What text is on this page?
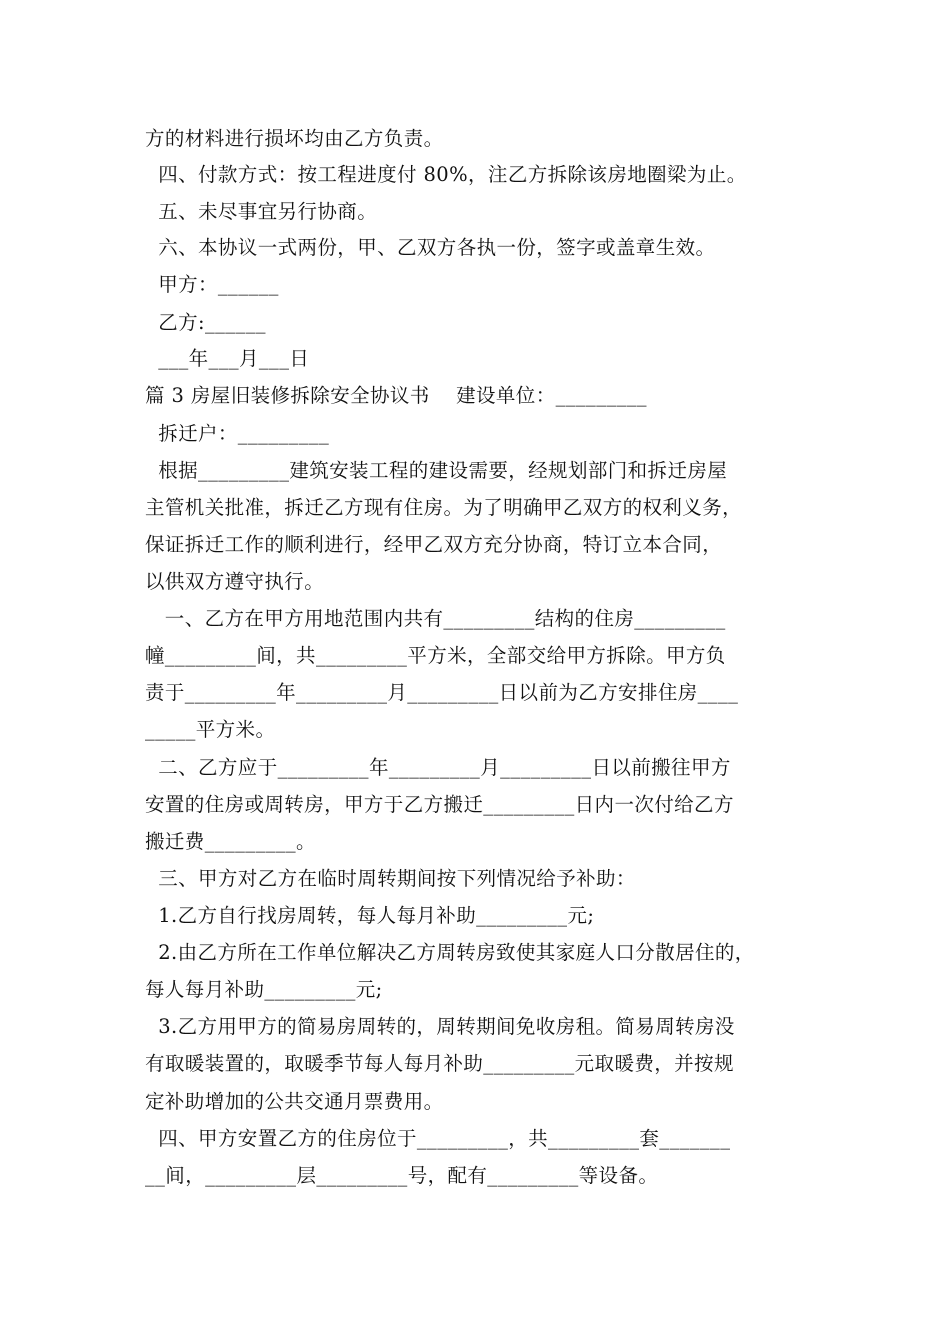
方的材料进行损坏均由乙方负责。
四、付款方式：按工程进度付 80%，注乙方拆除该房地圈梁为止。
五、未尽事宜另行协商。
六、本协议一式两份，甲、乙双方各执一份，签字或盖章生效。
甲方：______
乙方:______
___年___月___日
篇 3 房屋旧装修拆除安全协议书    建设单位：_________
拆迁户：_________
根据_________建筑安装工程的建设需要，经规划部门和拆迁房屋
主管机关批准，拆迁乙方现有住房。为了明确甲乙双方的权利义务，
保证拆迁工作的顺利进行，经甲乙双方充分协商，特订立本合同，
以供双方遵守执行。
一、乙方在甲方用地范围内共有_________结构的住房_________
幢_________间，共_________平方米，全部交给甲方拆除。甲方负
责于_________年_________月_________日以前为乙方安排住房____
_____平方米。
二、乙方应于_________年_________月_________日以前搬往甲方
安置的住房或周转房，甲方于乙方搬迁_________日内一次付给乙方
搬迁费_________。
三、甲方对乙方在临时周转期间按下列情况给予补助：
1.乙方自行找房周转，每人每月补助_________元;
2.由乙方所在工作单位解决乙方周转房致使其家庭人口分散居住的，
每人每月补助_________元;
3.乙方用甲方的简易房周转的，周转期间免收房租。简易周转房没
有取暖装置的，取暖季节每人每月补助_________元取暖费，并按规
定补助增加的公共交通月票费用。
四、甲方安置乙方的住房位于_________，共_________套_______
__间，_________层_________号，配有_________等设备。
